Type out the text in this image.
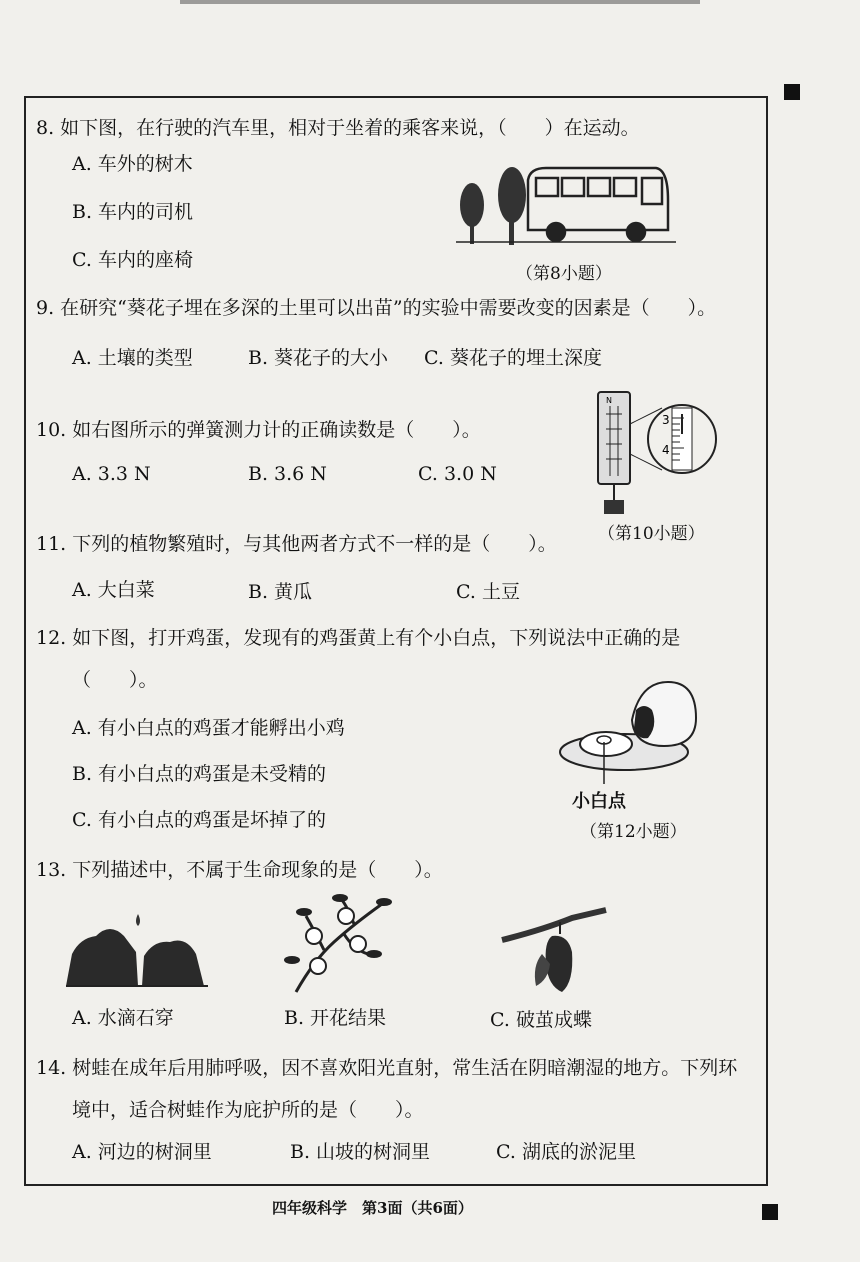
8. 如下图，在行驶的汽车里，相对于坐着的乘客来说，（　　）在运动。
A. 车外的树木
B. 车内的司机
C. 车内的座椅
（第8小题）
9. 在研究“葵花子埋在多深的土里可以出苗”的实验中需要改变的因素是（　　）。
A. 土壤的类型	B. 葵花子的大小 C. 葵花子的埋土深度
10. 如右图所示的弹簧测力计的正确读数是（　　）。
A. 3.3 N	B. 3.6 N	C. 3.0 N
N
3
4
（第10小题）
11. 下列的植物繁殖时，与其他两者方式不一样的是（　　）。
A. 大白菜	B. 黄瓜	C. 土豆
12. 如下图，打开鸡蛋，发现有的鸡蛋黄上有个小白点，下列说法中正确的是
（　　）。
A. 有小白点的鸡蛋才能孵出小鸡
B. 有小白点的鸡蛋是未受精的
C. 有小白点的鸡蛋是坏掉了的
小白点
（第12小题）
13. 下列描述中，不属于生命现象的是（　　）。
A. 水滴石穿	B. 开花结果	C. 破茧成蝶
14. 树蛙在成年后用肺呼吸，因不喜欢阳光直射，常生活在阴暗潮湿的地方。下列环
境中，适合树蛙作为庇护所的是（　　）。
A. 河边的树洞里	B. 山坡的树洞里	C. 湖底的淤泥里
四年级科学　第3面（共6面）
